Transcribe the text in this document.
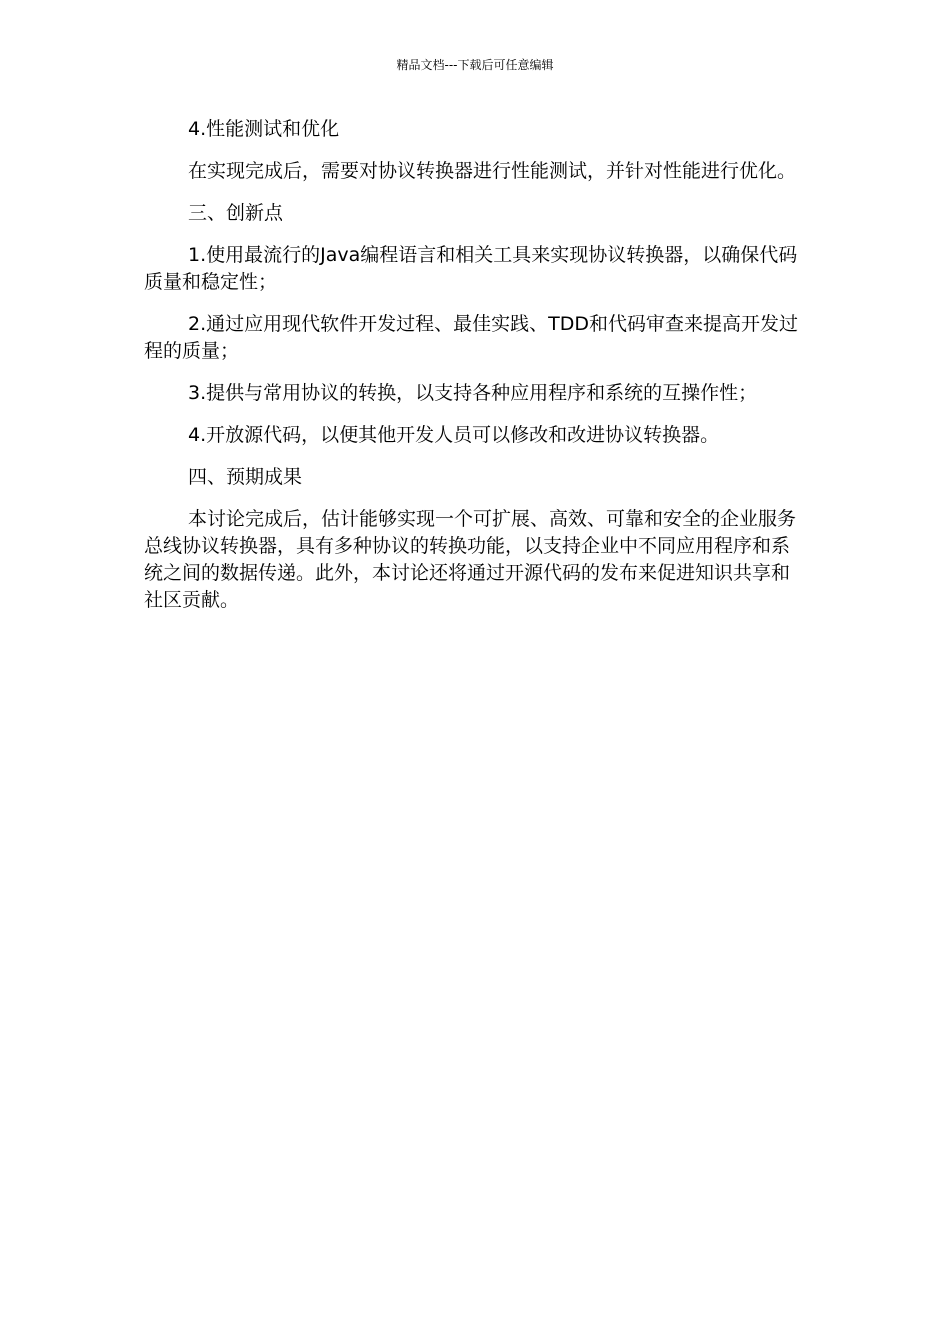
精品文档---下载后可任意编辑

4.性能测试和优化

在实现完成后，需要对协议转换器进行性能测试，并针对性能进行优化。

三、创新点

1.使用最流行的Java编程语言和相关工具来实现协议转换器，以确保代码质量和稳定性；

2.通过应用现代软件开发过程、最佳实践、TDD和代码审查来提高开发过程的质量；

3.提供与常用协议的转换，以支持各种应用程序和系统的互操作性；

4.开放源代码，以便其他开发人员可以修改和改进协议转换器。

四、预期成果

本讨论完成后，估计能够实现一个可扩展、高效、可靠和安全的企业服务总线协议转换器，具有多种协议的转换功能，以支持企业中不同应用程序和系统之间的数据传递。此外，本讨论还将通过开源代码的发布来促进知识共享和社区贡献。
